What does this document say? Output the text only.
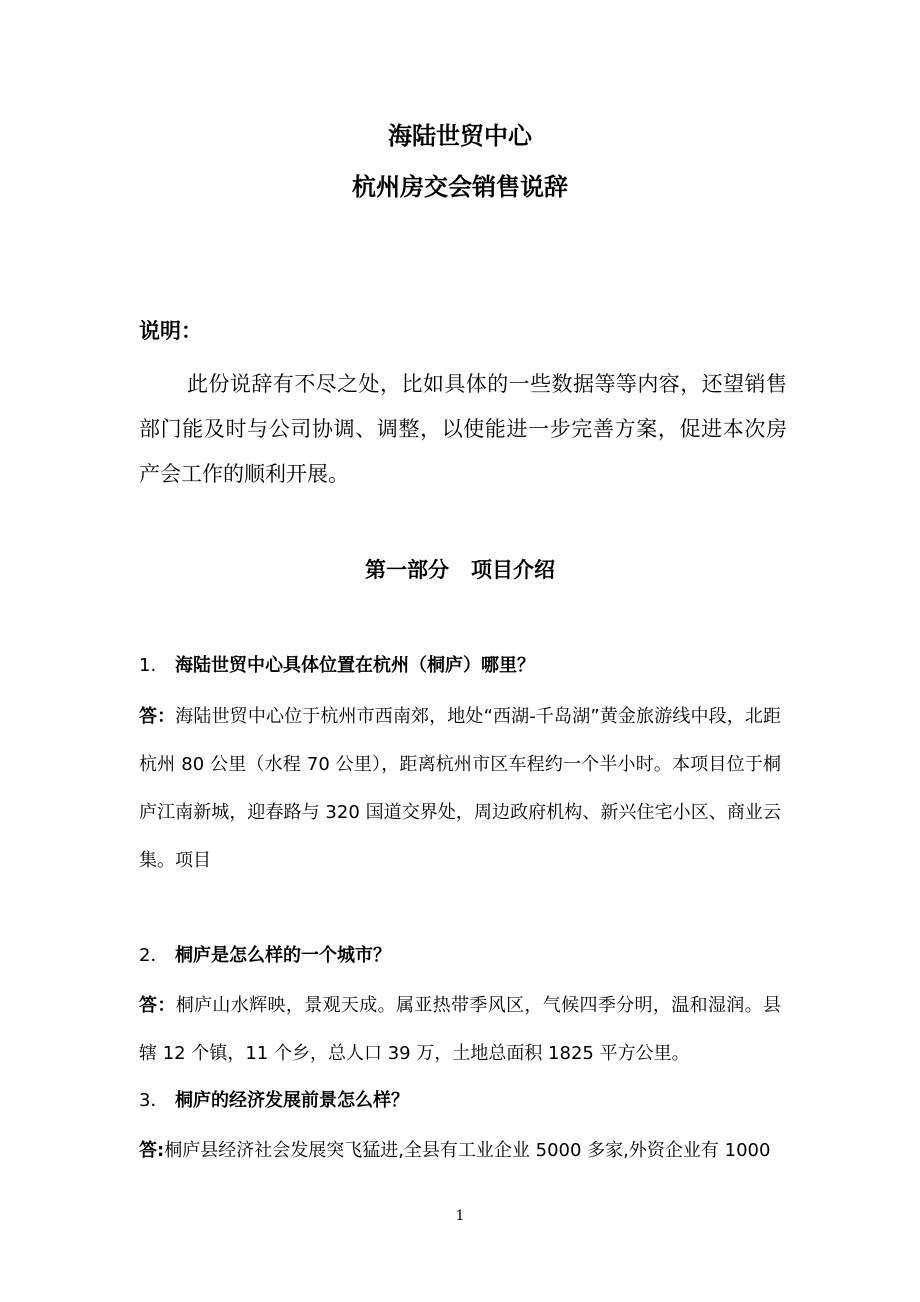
海陆世贸中心
杭州房交会销售说辞
说明：
此份说辞有不尽之处，比如具体的一些数据等等内容，还望销售部门能及时与公司协调、调整，以使能进一步完善方案，促进本次房产会工作的顺利开展。
第一部分 项目介绍
1. 海陆世贸中心具体位置在杭州（桐庐）哪里？
答：海陆世贸中心位于杭州市西南郊，地处“西湖-千岛湖”黄金旅游线中段，北距杭州 80 公里（水程 70 公里），距离杭州市区车程约一个半小时。本项目位于桐庐江南新城，迎春路与 320 国道交界处，周边政府机构、新兴住宅小区、商业云集。项目
2． 桐庐是怎么样的一个城市？
答：桐庐山水辉映，景观天成。属亚热带季风区，气候四季分明，温和湿润。县辖 12 个镇，11 个乡，总人口 39 万，土地总面积 1825 平方公里。
3． 桐庐的经济发展前景怎么样？
答:桐庐县经济社会发展突飞猛进,全县有工业企业 5000 多家,外资企业有 1000
1
